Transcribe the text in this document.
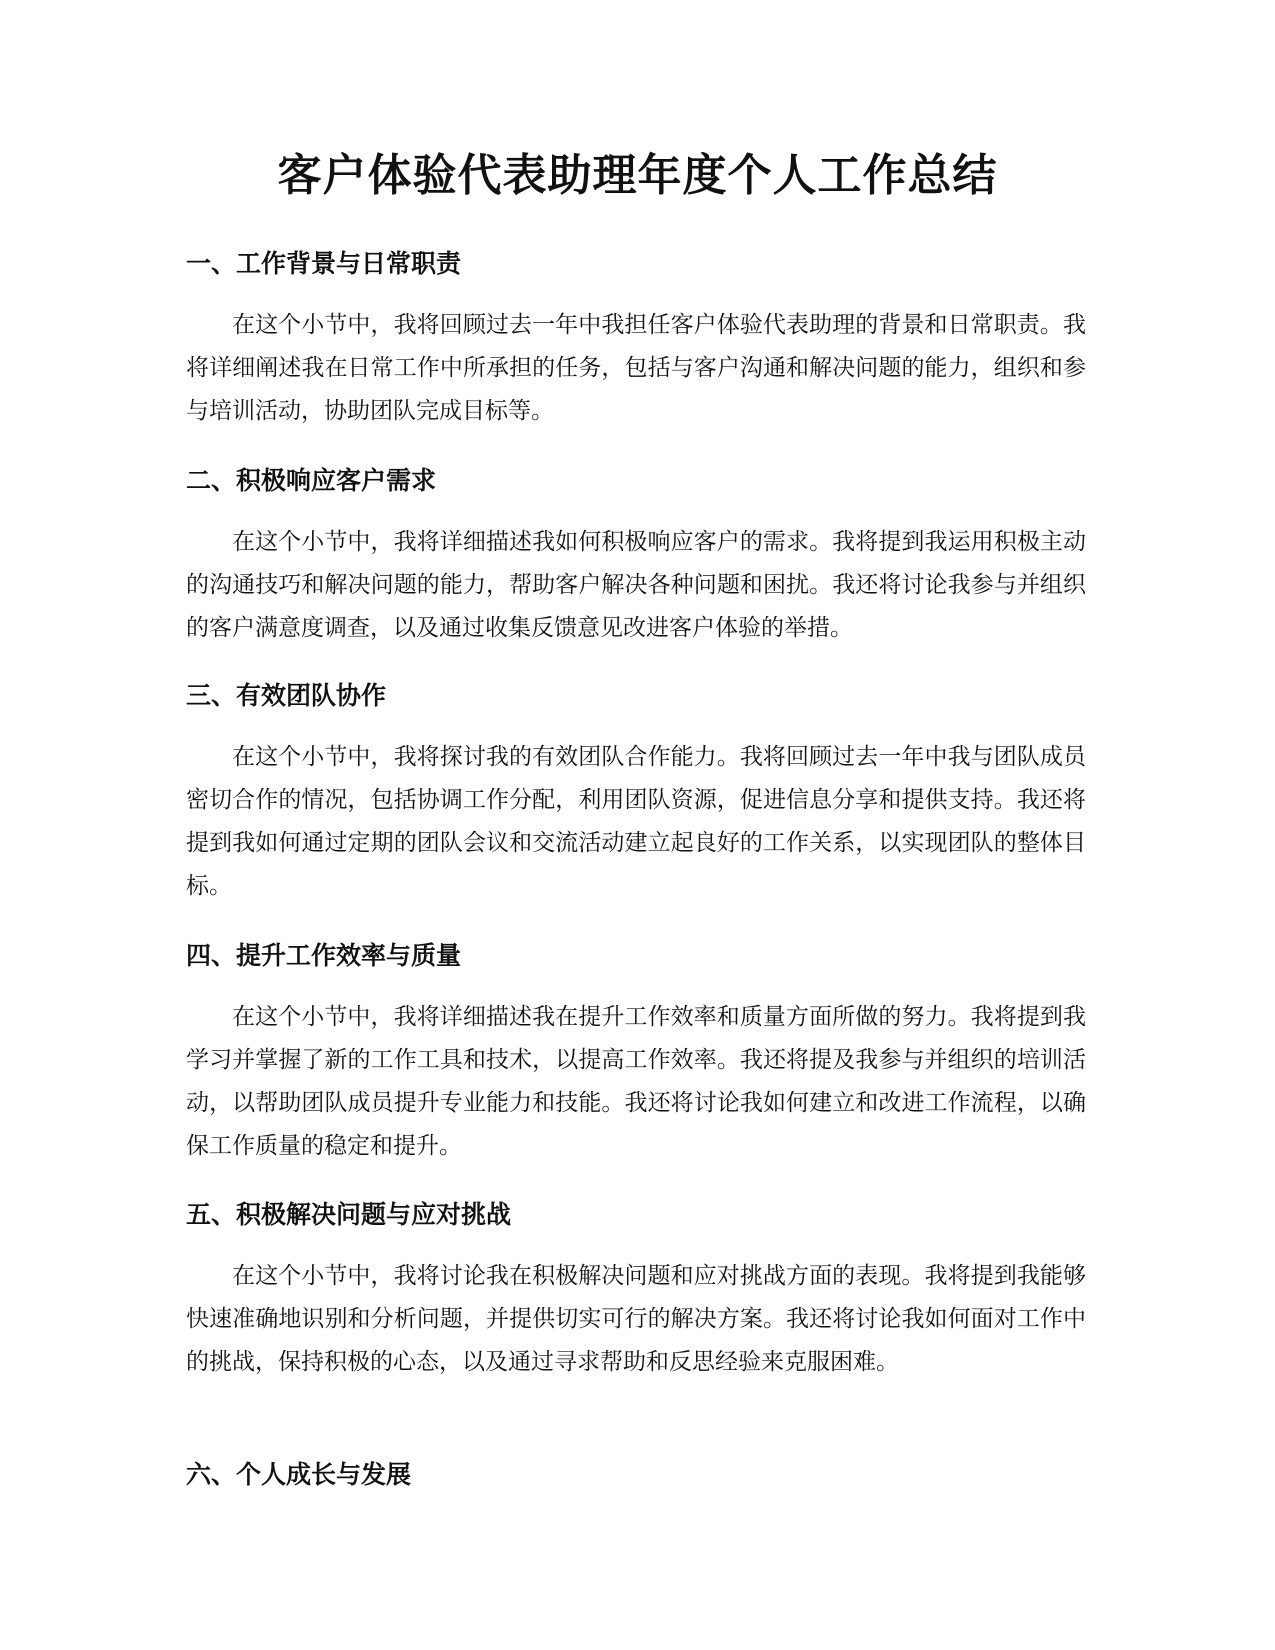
客户体验代表助理年度个人工作总结
一、工作背景与日常职责

在这个小节中，我将回顾过去一年中我担任客户体验代表助理的背景和日常职责。我将详细阐述我在日常工作中所承担的任务，包括与客户沟通和解决问题的能力，组织和参与培训活动，协助团队完成目标等。

二、积极响应客户需求

在这个小节中，我将详细描述我如何积极响应客户的需求。我将提到我运用积极主动的沟通技巧和解决问题的能力，帮助客户解决各种问题和困扰。我还将讨论我参与并组织的客户满意度调查，以及通过收集反馈意见改进客户体验的举措。

三、有效团队协作

在这个小节中，我将探讨我的有效团队合作能力。我将回顾过去一年中我与团队成员密切合作的情况，包括协调工作分配，利用团队资源，促进信息分享和提供支持。我还将提到我如何通过定期的团队会议和交流活动建立起良好的工作关系，以实现团队的整体目标。

四、提升工作效率与质量

在这个小节中，我将详细描述我在提升工作效率和质量方面所做的努力。我将提到我学习并掌握了新的工作工具和技术，以提高工作效率。我还将提及我参与并组织的培训活动，以帮助团队成员提升专业能力和技能。我还将讨论我如何建立和改进工作流程，以确保工作质量的稳定和提升。

五、积极解决问题与应对挑战

在这个小节中，我将讨论我在积极解决问题和应对挑战方面的表现。我将提到我能够快速准确地识别和分析问题，并提供切实可行的解决方案。我还将讨论我如何面对工作中的挑战，保持积极的心态，以及通过寻求帮助和反思经验来克服困难。

六、个人成长与发展
